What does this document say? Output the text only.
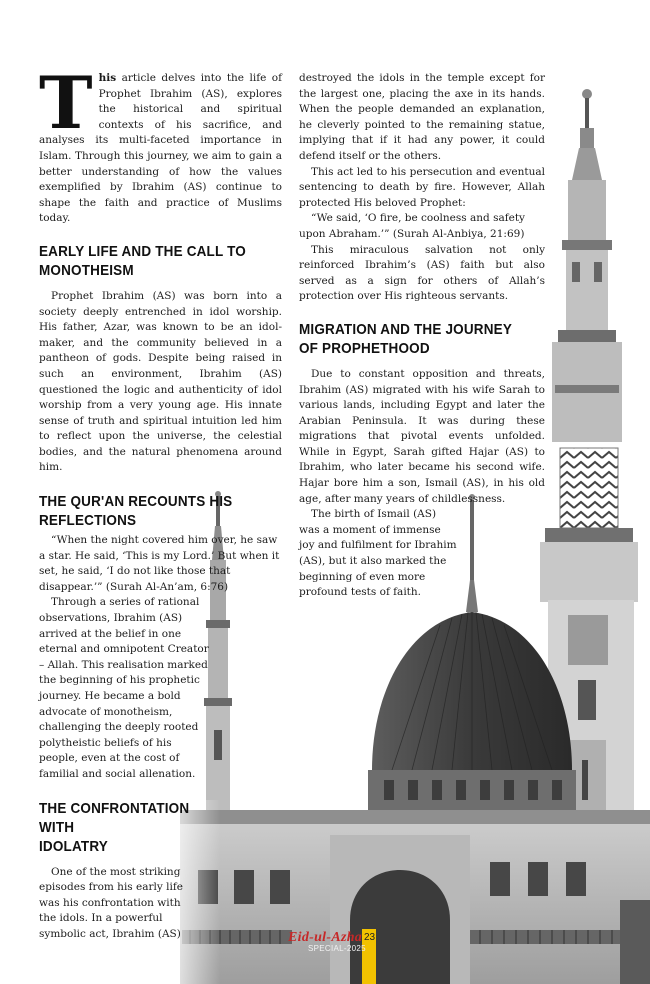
This article delves into the life of Prophet Ibrahim (AS), explores the historical and spiritual contexts of his sacrifice, and analyses its multi-faceted importance in Islam. Through this journey, we aim to gain a better understanding of how the values exemplified by Ibrahim (AS) continue to shape the faith and practice of Muslims today.

EARLY LIFE AND THE CALL TO MONOTHEISM

Prophet Ibrahim (AS) was born into a society deeply entrenched in idol worship. His father, Azar, was known to be an idol-maker, and the community believed in a pantheon of gods. Despite being raised in such an environment, Ibrahim (AS) questioned the logic and authenticity of idol worship from a very young age. His innate sense of truth and spiritual intuition led him to reflect upon the universe, the celestial bodies, and the natural phenomena around him.

THE QUR'AN RECOUNTS HIS REFLECTIONS

“When the night covered him over, he saw a star. He said, ‘This is my Lord.’ But when it set, he said, ‘I do not like those that disappear.’” (Surah Al-An’am, 6:76)

Through a series of rational observations, Ibrahim (AS) arrived at the belief in one eternal and omnipotent Creator – Allah. This realisation marked the beginning of his prophetic journey. He became a bold advocate of monotheism, challenging the deeply rooted polytheistic beliefs of his people, even at the cost of familial and social allenation.

THE CONFRONTATION
WITH
IDOLATRY

One of the most striking episodes from his early life was his confrontation with the idols. In a powerful symbolic act, Ibrahim (AS)

destroyed the idols in the temple except for the largest one, placing the axe in its hands. When the people demanded an explanation, he cleverly pointed to the remaining statue, implying that if it had any power, it could defend itself or the others.

This act led to his persecution and eventual sentencing to death by fire. However, Allah protected His beloved Prophet:

“We said, ‘O fire, be coolness and safety upon Abraham.’” (Surah Al-Anbiya, 21:69)

This miraculous salvation not only reinforced Ibrahim’s (AS) faith but also served as a sign for others of Allah’s protection over His righteous servants.

MIGRATION AND THE JOURNEY OF PROPHETHOOD

Due to constant opposition and threats, Ibrahim (AS) migrated with his wife Sarah to various lands, including Egypt and later the Arabian Peninsula. It was during these migrations that pivotal events unfolded. While in Egypt, Sarah gifted Hajar (AS) to Ibrahim, who later became his second wife. Hajar bore him a son, Ismail (AS), in his old age, after many years of childlessness.

The birth of Ismail (AS) was a moment of immense joy and fulfilment for Ibrahim (AS), but it also marked the beginning of even more profound tests of faith.

Eid-ul-Azha
SPECIAL-2025
23
